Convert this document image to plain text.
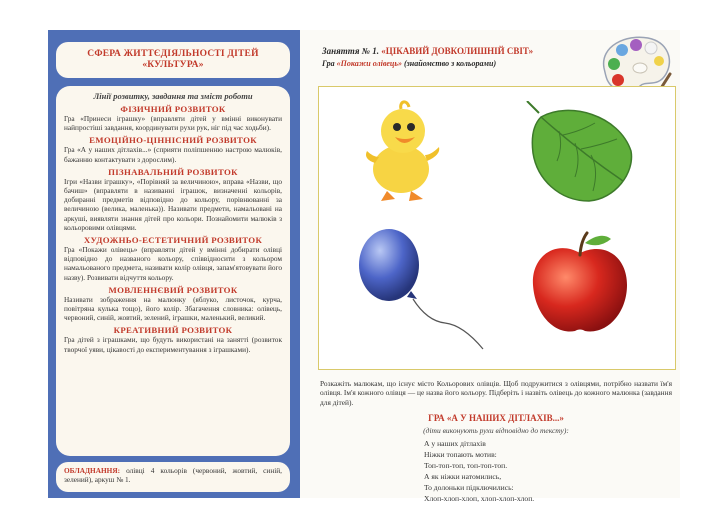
СФЕРА ЖИТТЄДІЯЛЬНОСТІ ДІТЕЙ
«КУЛЬТУРА»
Лінії розвитку, завдання та зміст роботи
ФІЗИЧНИЙ РОЗВИТОК
Гра «Принеси іграшку» (вправляти дітей у вмінні виконувати найпростіші завдання, координувати рухи рук, ніг під час ходьби).
ЕМОЦІЙНО-ЦІННІСНИЙ РОЗВИТОК
Гра «А у наших дітлахів...» (сприяти поліпшенню настрою малюків, бажанню контактувати з дорослим).
ПІЗНАВАЛЬНИЙ РОЗВИТОК
Ігри «Назви іграшку», «Порівняй за величиною», вправа «Назви, що бачиш» (вправляти в називанні іграшок, визначенні кольорів, добиранні предметів відповідно до кольору, порівнюванні за величиною (велика, маленька)). Називати предмети, намальовані на аркуші, виявляти знання дітей про кольори. Познайомити малюків з кольоровими олівцями.
ХУДОЖНЬО-ЕСТЕТИЧНИЙ РОЗВИТОК
Гра «Покажи олівець» (вправляти дітей у вмінні добирати олівці відповідно до названого кольору, співвідносити з кольором намальованого предмета, називати колір олівця, запам'ятовувати його назву). Розвивати відчуття кольору.
МОВЛЕННЄВИЙ РОЗВИТОК
Називати зображення на малюнку (яблуко, листочок, курча, повітряна кулька тощо), його колір. Збагачення словника: олівець, червоний, синій, жовтий, зелений, іграшки, маленький, великий.
КРЕАТИВНИЙ РОЗВИТОК
Гра дітей з іграшками, що будуть використані на занятті (розвиток творчої уяви, цікавості до експериментування з іграшками).
ОБЛАДНАННЯ: олівці 4 кольорів (червоний, жовтий, синій, зелений), аркуш № 1.
Заняття № 1. «ЦІКАВИЙ ДОВКОЛИШНІЙ СВІТ»
Гра «Покажи олівець» (знайомство з кольорами)
Розкажіть малюкам, що існує місто Кольорових олівців. Щоб подружитися з олівцями, потрібно назвати їм'я олівця. Ім'я кожного олівця — це назва його кольору. Підберіть і назвіть олівець до кожного малюнка (завдання для дітей).
ГРА «А У НАШИХ ДІТЛАХІВ...»
(діти виконують рухи відповідно до тексту):
А у наших дітлахів
Ніжки топають мотив:
Топ-топ-топ, топ-топ-топ.
А як ніжки натомились,
То долоньки підключились:
Хлоп-хлоп-хлоп, хлоп-хлоп-хлоп.
